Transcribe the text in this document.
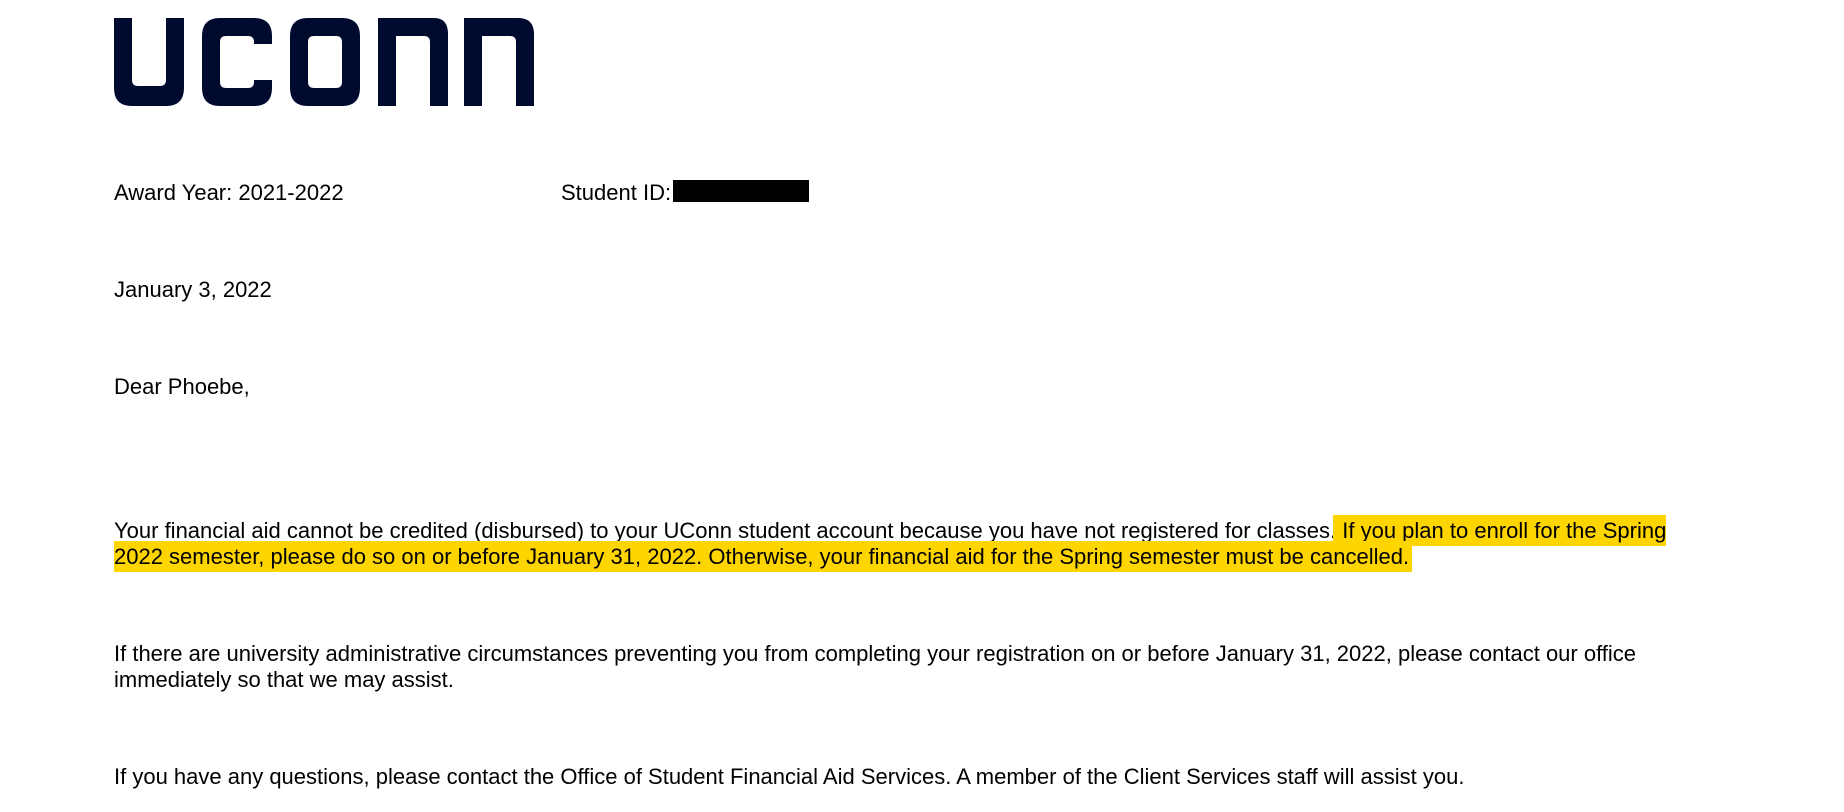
Award Year: 2021-2022	Student ID:
January 3, 2022
Dear Phoebe,
Your financial aid cannot be credited (disbursed) to your UConn student account because you have not registered for classes. If you plan to enroll for the Spring 2022 semester, please do so on or before January 31, 2022. Otherwise, your financial aid for the Spring semester must be cancelled.
If there are university administrative circumstances preventing you from completing your registration on or before January 31, 2022, please contact our office immediately so that we may assist.
If you have any questions, please contact the Office of Student Financial Aid Services. A member of the Client Services staff will assist you.
